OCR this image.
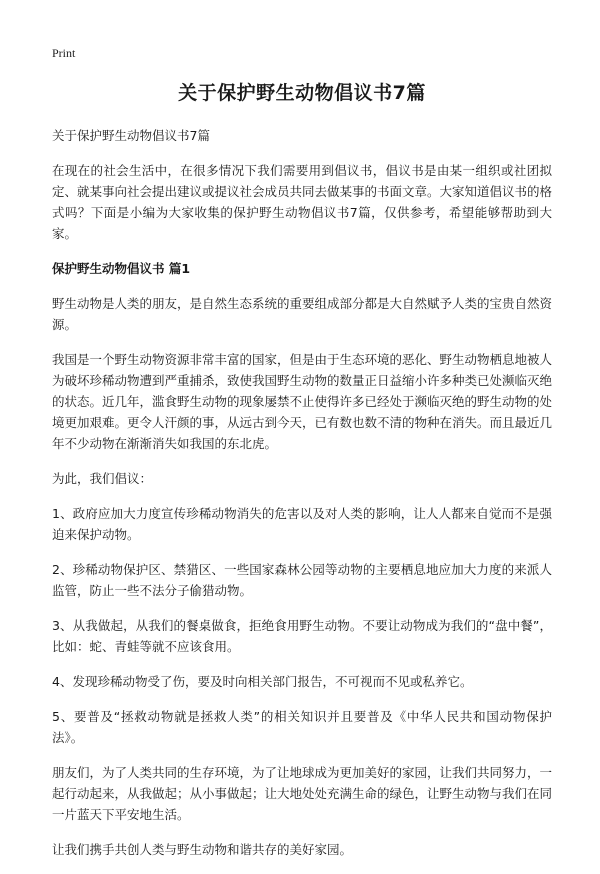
Print
关于保护野生动物倡议书7篇

关于保护野生动物倡议书7篇

在现在的社会生活中，在很多情况下我们需要用到倡议书，倡议书是由某一组织或社团拟定、就某事向社会提出建议或提议社会成员共同去做某事的书面文章。大家知道倡议书的格式吗？下面是小编为大家收集的保护野生动物倡议书7篇，仅供参考，希望能够帮助到大家。

保护野生动物倡议书 篇1

野生动物是人类的朋友，是自然生态系统的重要组成部分都是大自然赋予人类的宝贵自然资源。

我国是一个野生动物资源非常丰富的国家，但是由于生态环境的恶化、野生动物栖息地被人为破坏珍稀动物遭到严重捕杀，致使我国野生动物的数量正日益缩小许多种类已处濒临灭绝的状态。近几年，滥食野生动物的现象屡禁不止使得许多已经处于濒临灭绝的野生动物的处境更加艰难。更令人汗颜的事，从远古到今天，已有数也数不清的物种在消失。而且最近几年不少动物在渐渐消失如我国的东北虎。

为此，我们倡议：

1、政府应加大力度宣传珍稀动物消失的危害以及对人类的影响，让人人都来自觉而不是强迫来保护动物。

2、珍稀动物保护区、禁猎区、一些国家森林公园等动物的主要栖息地应加大力度的来派人监管，防止一些不法分子偷猎动物。

3、从我做起，从我们的餐桌做食，拒绝食用野生动物。不要让动物成为我们的“盘中餐”，比如：蛇、青蛙等就不应该食用。

4、发现珍稀动物受了伤，要及时向相关部门报告，不可视而不见或私养它。

5、要普及“拯救动物就是拯救人类”的相关知识并且要普及《中华人民共和国动物保护法》。

朋友们，为了人类共同的生存环境，为了让地球成为更加美好的家园，让我们共同努力，一起行动起来，从我做起；从小事做起；让大地处处充满生命的绿色，让野生动物与我们在同一片蓝天下平安地生活。

让我们携手共创人类与野生动物和谐共存的美好家园。
